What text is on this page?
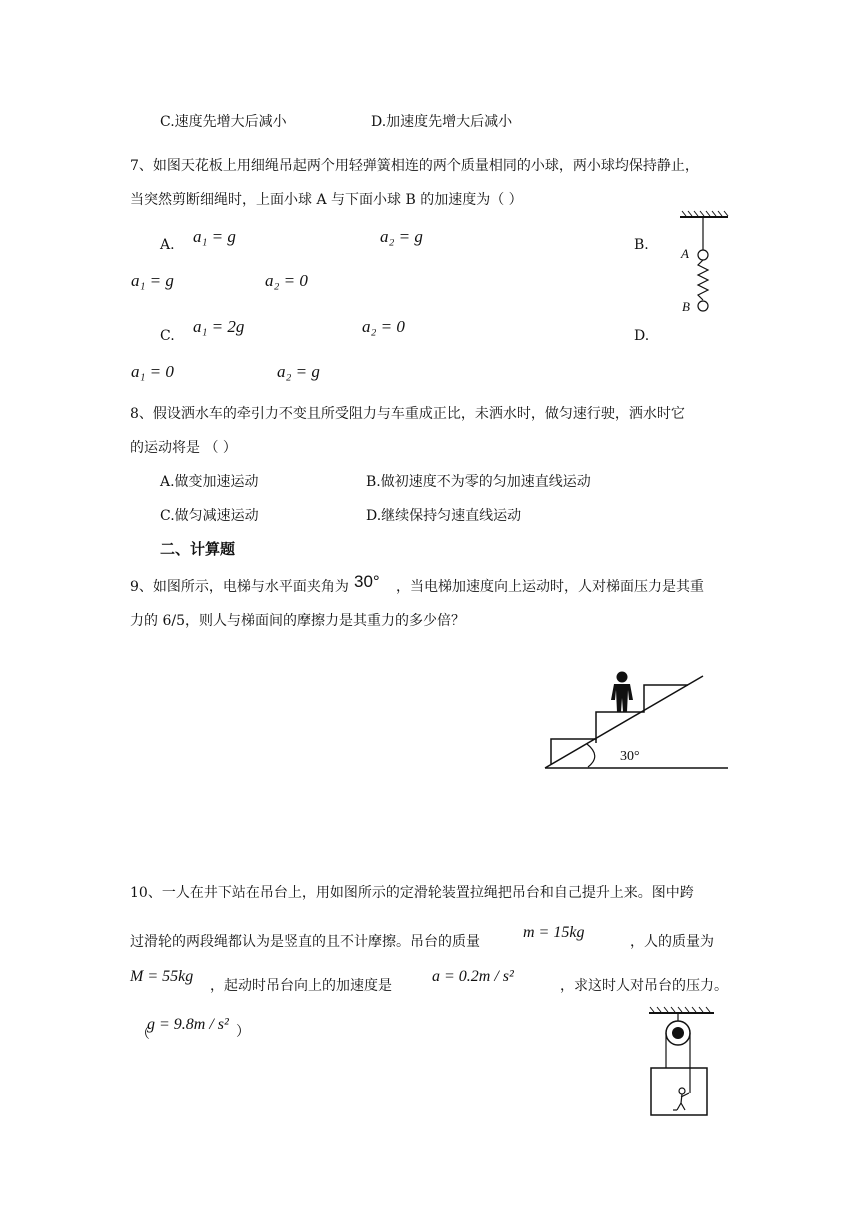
C.速度先增大后减小	D.加速度先增大后减小
7、如图天花板上用细绳吊起两个用轻弹簧相连的两个质量相同的小球，两小球均保持静止，
当突然剪断细绳时，上面小球 A 与下面小球 B 的加速度为（ ）
A. a₁ = g	a₂ = g	B.
a₁ = g	a₂ = 0
C. a₁ = 2g	a₂ = 0	D.
a₁ = 0	a₂ = g
A
B
8、假设洒水车的牵引力不变且所受阻力与车重成正比，未洒水时，做匀速行驶，洒水时它
的运动将是 （ ）
A.做变加速运动	B.做初速度不为零的匀加速直线运动
C.做匀减速运动	D.继续保持匀速直线运动
二、计算题
9、如图所示，电梯与水平面夹角为 30° ，当电梯加速度向上运动时，人对梯面压力是其重
力的 6/5，则人与梯面间的摩擦力是其重力的多少倍？
30°
10、一人在井下站在吊台上，用如图所示的定滑轮装置拉绳把吊台和自己提升上来。图中跨
过滑轮的两段绳都认为是竖直的且不计摩擦。吊台的质量
m = 15kg
，人的质量为
M = 55kg
，起动时吊台向上的加速度是
a = 0.2m / s²
，求这时人对吊台的压力。
（
g = 9.8m / s² ）
